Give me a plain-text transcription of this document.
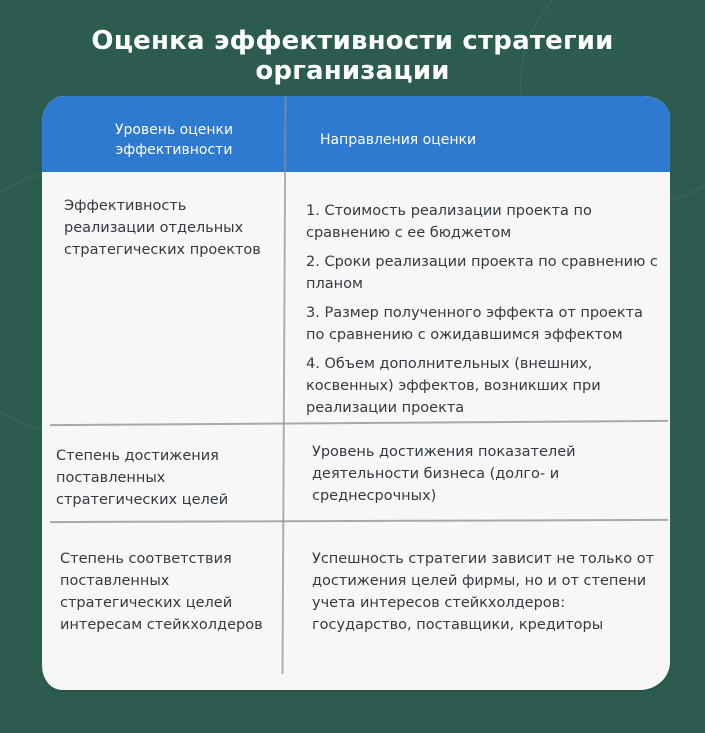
Оценка эффективности стратегии организации
Уровень оценки эффективности
Направления оценки
Эффективность реализации отдельных стратегических проектов
1. Стоимость реализации проекта по сравнению с ее бюджетом
2. Сроки реализации проекта по сравнению с планом
3. Размер полученного эффекта от проекта по сравнению с ожидавшимся эффектом
4. Объем дополнительных (внешних, косвенных) эффектов, возникших при реализации проекта
Степень достижения поставленных стратегических целей
Уровень достижения показателей деятельности бизнеса (долго- и среднесрочных)
Степень соответствия поставленных стратегических целей интересам стейкхолдеров
Успешность стратегии зависит не только от достижения целей фирмы, но и от степени учета интересов стейкхолдеров: государство, поставщики, кредиторы
